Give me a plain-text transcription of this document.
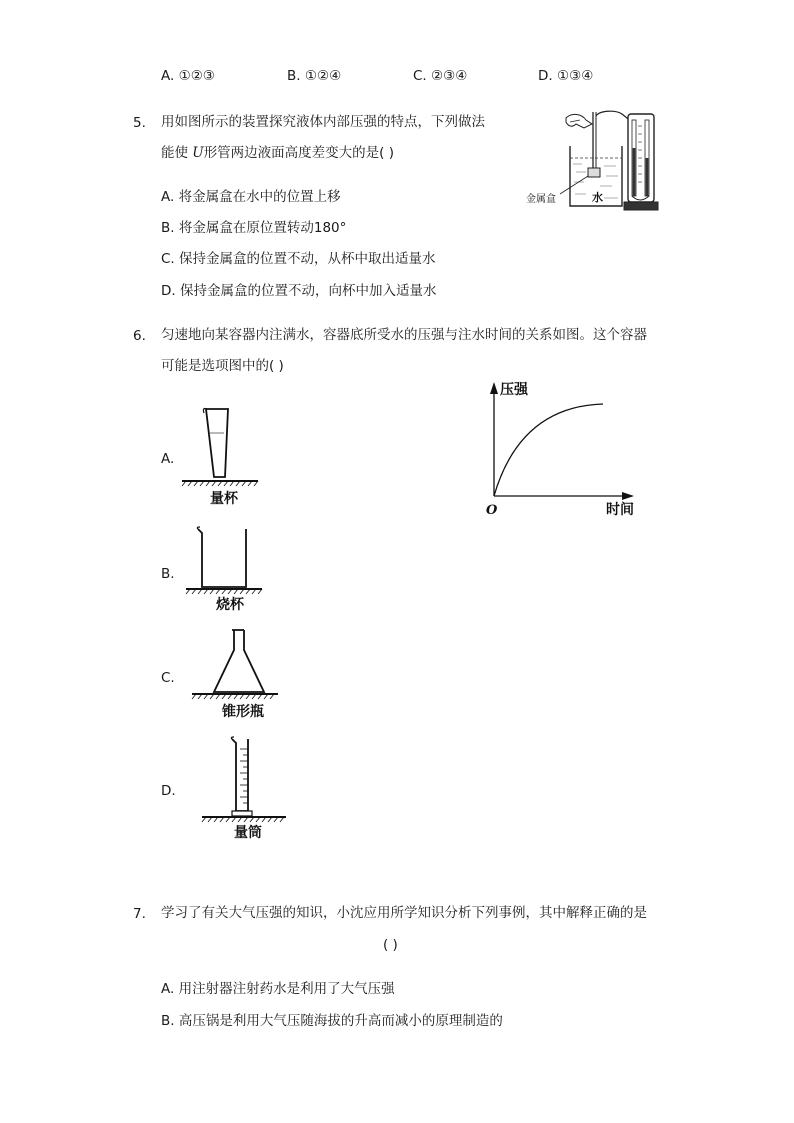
A. ①②③	B. ①②④	C. ②③④	D. ①③④
5. 用如图所示的装置探究液体内部压强的特点，下列做法
能使 U形管两边液面高度差变大的是( )
金属盒	水
A. 将金属盒在水中的位置上移
B. 将金属盒在原位置转动180°
C. 保持金属盒的位置不动，从杯中取出适量水
D. 保持金属盒的位置不动，向杯中加入适量水
6. 匀速地向某容器内注满水，容器底所受水的压强与注水时间的关系如图。这个容器
可能是选项图中的( )
压强
时间
O
A.
量杯
B.
烧杯
C.
锥形瓶
D.
量筒
7. 学习了有关大气压强的知识，小沈应用所学知识分析下列事例，其中解释正确的是
( )
A. 用注射器注射药水是利用了大气压强
B. 高压锅是利用大气压随海拔的升高而减小的原理制造的
